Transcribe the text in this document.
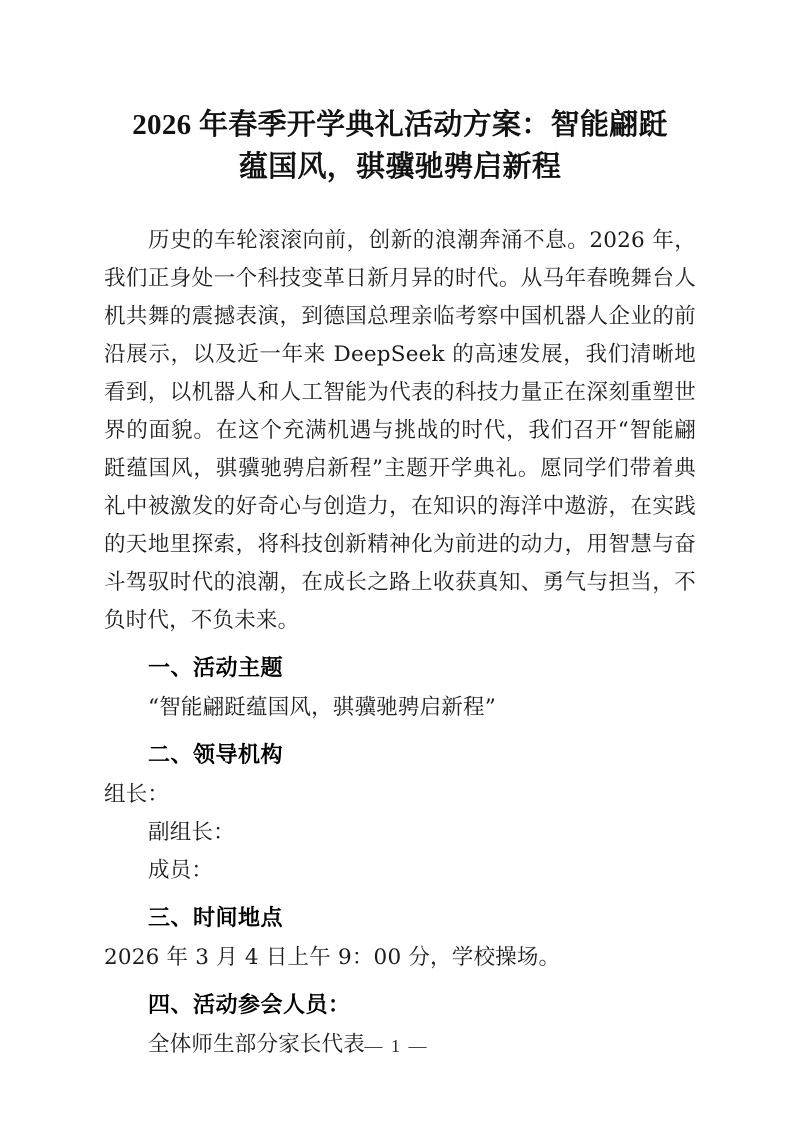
2026 年春季开学典礼活动方案：智能翩跹
蕴国风，骐骥驰骋启新程

历史的车轮滚滚向前，创新的浪潮奔涌不息。2026 年，我们正身处一个科技变革日新月异的时代。从马年春晚舞台人机共舞的震撼表演，到德国总理亲临考察中国机器人企业的前沿展示，以及近一年来 DeepSeek 的高速发展，我们清晰地看到，以机器人和人工智能为代表的科技力量正在深刻重塑世界的面貌。在这个充满机遇与挑战的时代，我们召开“智能翩跹蕴国风，骐骥驰骋启新程”主题开学典礼。愿同学们带着典礼中被激发的好奇心与创造力，在知识的海洋中遨游，在实践的天地里探索，将科技创新精神化为前进的动力，用智慧与奋斗驾驭时代的浪潮，在成长之路上收获真知、勇气与担当，不负时代，不负未来。

一、活动主题

“智能翩跹蕴国风，骐骥驰骋启新程”

二、领导机构

组长：

副组长：

成员：

三、时间地点

2026 年 3 月 4 日上午 9：00 分，学校操场。

四、活动参会人员：

全体师生部分家长代表 — 1 —
